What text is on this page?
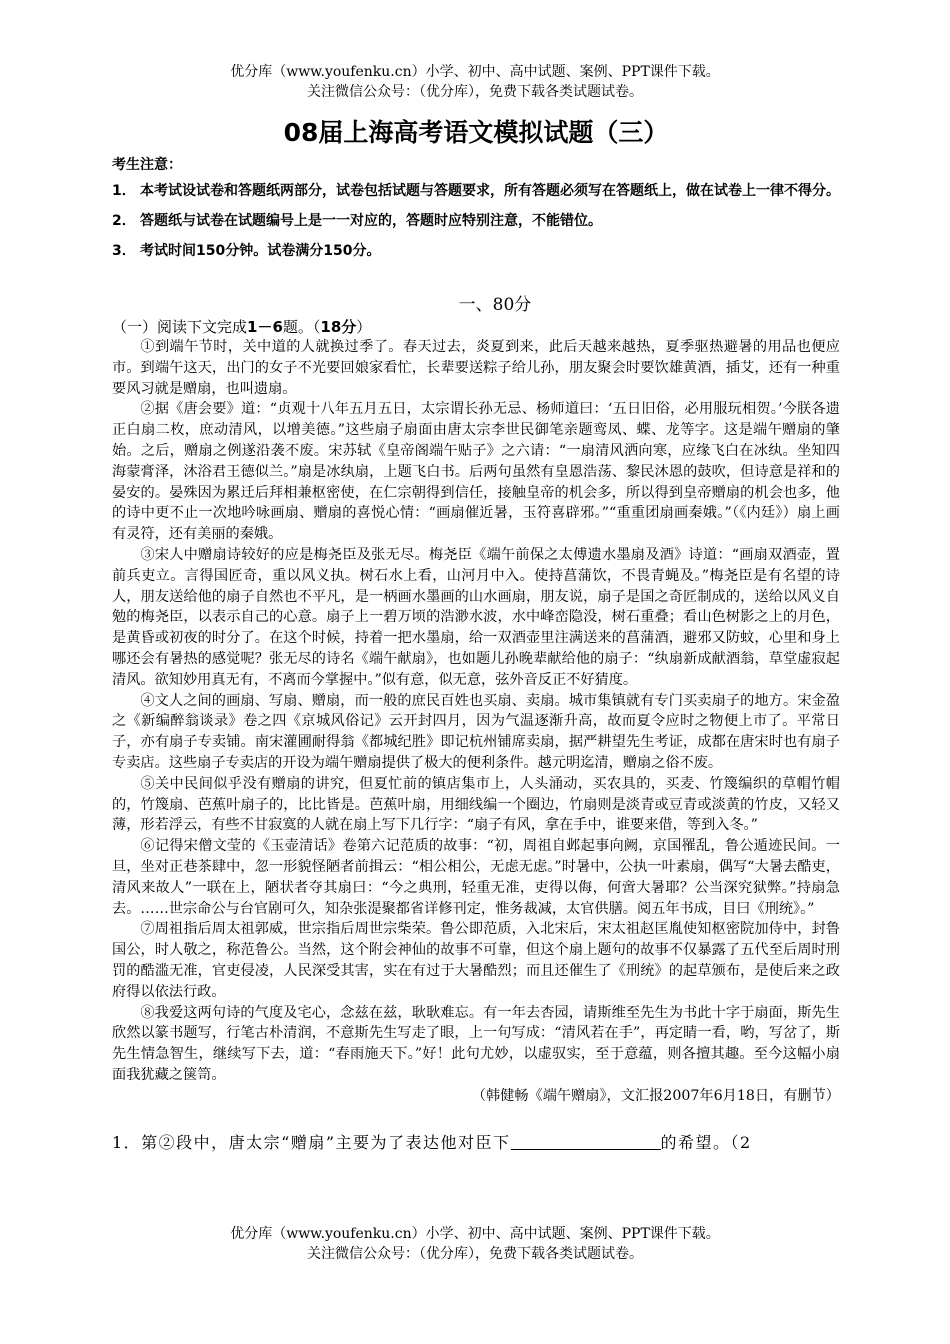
优分库（www.youfenku.cn）小学、初中、高中试题、案例、PPT课件下载。
关注微信公众号：（优分库），免费下载各类试题试卷。
08届上海高考语文模拟试题（三）
考生注意：

1． 本考试设试卷和答题纸两部分，试卷包括试题与答题要求，所有答题必须写在答题纸上，做在试卷上一律不得分。

2． 答题纸与试卷在试题编号上是一一对应的，答题时应特别注意，不能错位。

3． 考试时间150分钟。试卷满分150分。

一、80分
（一）阅读下文完成1－6题。（18分）

①到端午节时，关中道的人就换过季了。春天过去，炎夏到来，此后天越来越热，夏季驱热避暑的用品也便应市。到端午这天，出门的女子不光要回娘家看忙，长辈要送粽子给儿孙，朋友聚会时要饮雄黄酒，插艾，还有一种重要风习就是赠扇，也叫遗扇。

②据《唐会要》道：“贞观十八年五月五日，太宗谓长孙无忌、杨师道曰：‘五日旧俗，必用服玩相贺。’今朕各遗正白扇二枚，庶动清风，以增美德。”这些扇子扇面由唐太宗李世民御笔亲题鸾凤、蝶、龙等字。这是端午赠扇的肇始。之后，赠扇之例遂沿袭不废。宋苏轼《皇帝阁端午贴子》之六请：“一扇清风洒向寒，应缘飞白在冰纨。坐知四海蒙膏泽，沐浴君王德似兰。”扇是冰纨扇，上题飞白书。后两句虽然有皇恩浩荡、黎民沐恩的鼓吹，但诗意是祥和的晏安的。晏殊因为累迁后拜相兼枢密使，在仁宗朝得到信任，接触皇帝的机会多，所以得到皇帝赠扇的机会也多，他的诗中更不止一次地吟咏画扇、赠扇的喜悦心情：“画扇催近暑，玉符喜辟邪。”“重重团扇画秦娥。”（《内廷》）扇上画有灵符，还有美丽的秦娥。

③宋人中赠扇诗较好的应是梅尧臣及张无尽。梅尧臣《端午前保之太傅遗水墨扇及酒》诗道：“画扇双酒壶，置前兵吏立。言得国匠奇，重以风义执。树石水上看，山河月中入。使持菖蒲饮，不畏青蝇及。”梅尧臣是有名望的诗人，朋友送给他的扇子自然也不平凡，是一柄画水墨画的山水画扇，朋友说，扇子是国之奇匠制成的，送给以风义自勉的梅尧臣，以表示自己的心意。扇子上一碧万顷的浩渺水波，水中峰峦隐没，树石重叠；看山色树影之上的月色，是黄昏或初夜的时分了。在这个时候，持着一把水墨扇，给一双酒壶里注满送来的菖蒲酒，避邪又防蚊，心里和身上哪还会有暑热的感觉呢？张无尽的诗名《端午献扇》，也如题儿孙晚辈献给他的扇子：“纨扇新成献酒翁，草堂虚寂起清风。欲知妙用真无有，不离而今掌握中。”似有意，似无意，弦外音反正不好猜度。

④文人之间的画扇、写扇、赠扇，而一般的庶民百姓也买扇、卖扇。城市集镇就有专门买卖扇子的地方。宋金盈之《新编醉翁谈录》卷之四《京城风俗记》云开封四月，因为气温逐渐升高，故而夏令应时之物便上市了。平常日子，亦有扇子专卖铺。南宋灌圃耐得翁《都城纪胜》即记杭州铺席卖扇，据严耕望先生考证，成都在唐宋时也有扇子专卖店。这些扇子专卖店的开设为端午赠扇提供了极大的便利条件。越元明迄清，赠扇之俗不废。

⑤关中民间似乎没有赠扇的讲究，但夏忙前的镇店集市上，人头涌动，买农具的，买麦、竹篾编织的草帽竹帽的，竹篾扇、芭蕉叶扇子的，比比皆是。芭蕉叶扇，用细线编一个圈边，竹扇则是淡青或豆青或淡黄的竹皮，又轻又薄，形若浮云，有些不甘寂寞的人就在扇上写下几行字：“扇子有风，拿在手中，谁要来借，等到入冬。”

⑥记得宋僧文莹的《玉壶清话》卷第六记范质的故事：“初，周祖自邺起事向阙，京国罹乱，鲁公遁迹民间。一旦，坐对正巷茶肆中，忽一形貌怪陋者前揖云：“相公相公，无虑无虑。”时暑中，公执一叶素扇，偶写“大暑去酷吏，清风来故人”一联在上，陋状者夺其扇曰：“今之典刑，轻重无准，吏得以侮，何啻大暑耶？公当深究狱弊。”持扇急去。……世宗命公与台官剧可久，知杂张湜聚都省详修刊定，惟务裁减，太官供膳。阅五年书成，目曰《刑统》。”

⑦周祖指后周太祖郭威，世宗指后周世宗柴荣。鲁公即范质，入北宋后，宋太祖赵匡胤使知枢密院加侍中，封鲁国公，时人敬之，称范鲁公。当然，这个附会神仙的故事不可靠，但这个扇上题句的故事不仅暴露了五代至后周时刑罚的酷滥无准，官吏侵凌，人民深受其害，实在有过于大暑酷烈；而且还催生了《刑统》的起草颁布，是使后来之政府得以依法行政。

⑧我爱这两句诗的气度及宅心，念兹在兹，耿耿难忘。有一年去杏园，请斯维至先生为书此十字于扇面，斯先生欣然以篆书题写，行笔古朴清润，不意斯先生写走了眼，上一句写成：“清风若在手”，再定睛一看，哟，写岔了，斯先生情急智生，继续写下去，道：“春雨施天下。”好！此句尤妙，以虚驭实，至于意蕴，则各擅其趣。至今这幅小扇面我犹藏之箧笥。

（韩健畅《端午赠扇》，文汇报2007年6月18日，有删节）

1．第②段中，唐太宗“赠扇”主要为了表达他对臣下	的希望。（2
优分库（www.youfenku.cn）小学、初中、高中试题、案例、PPT课件下载。
关注微信公众号：（优分库），免费下载各类试题试卷。
